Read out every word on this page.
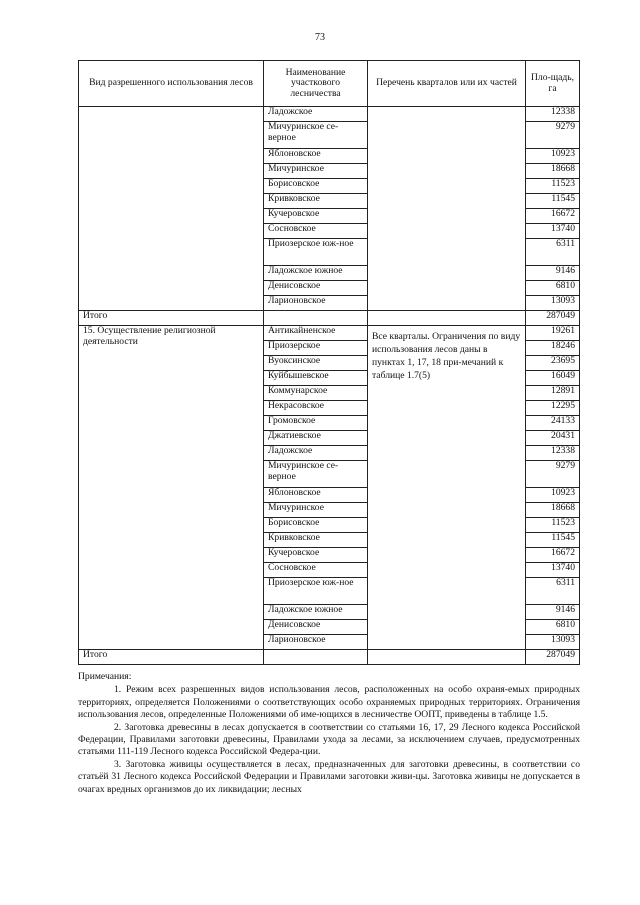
73
Вид разрешенного использования лесов	Наименование участкового лесничества	Перечень кварталов или их частей	Пло-щадь, га
	Ладожское		12338
	Мичуринское се-верное		9279
	Яблоновское		10923
	Мичуринское		18668
	Борисовское		11523
	Кривковское		11545
	Кучеровское		16672
	Сосновское		13740
	Приозерское юж-ное		6311
	Ладожское южное		9146
	Денисовское		6810
	Ларионовское		13093
Итого			287049
15. Осуществление религиозной деятельности	Антикайненское	Все кварталы. Ограничения по виду использования лесов даны в пунктах 1, 17, 18 при-мечаний к таблице 1.7(5)	19261
	Приозерское		18246
	Вуоксинское		23695
	Куйбышевское		16049
	Коммунарское		12891
	Некрасовское		12295
	Громовское		24133
	Джатиевское		20431
	Ладожское		12338
	Мичуринское се-верное		9279
	Яблоновское		10923
	Мичуринское		18668
	Борисовское		11523
	Кривковское		11545
	Кучеровское		16672
	Сосновское		13740
	Приозерское юж-ное		6311
	Ладожское южное		9146
	Денисовское		6810
	Ларионовское		13093
Итого			287049

Примечания:

1. Режим всех разрешенных видов использования лесов, расположенных на особо охраня-емых природных территориях, определяется Положениями о соответствующих особо охраняемых природных территориях. Ограничения использования лесов, определенные Положениями об име-ющихся в лесничестве ООПТ, приведены в таблице 1.5.

2. Заготовка древесины в лесах допускается в соответствии со статьями 16, 17, 29 Лесного кодекса Российской Федерации, Правилами заготовки древесины, Правилами ухода за лесами, за исключением случаев, предусмотренных статьями 111-119 Лесного кодекса Российской Федера-ции.

3. Заготовка живицы осуществляется в лесах, предназначенных для заготовки древесины, в соответствии со статьёй 31 Лесного кодекса Российской Федерации и Правилами заготовки живи-цы. Заготовка живицы не допускается в очагах вредных организмов до их ликвидации; лесных
